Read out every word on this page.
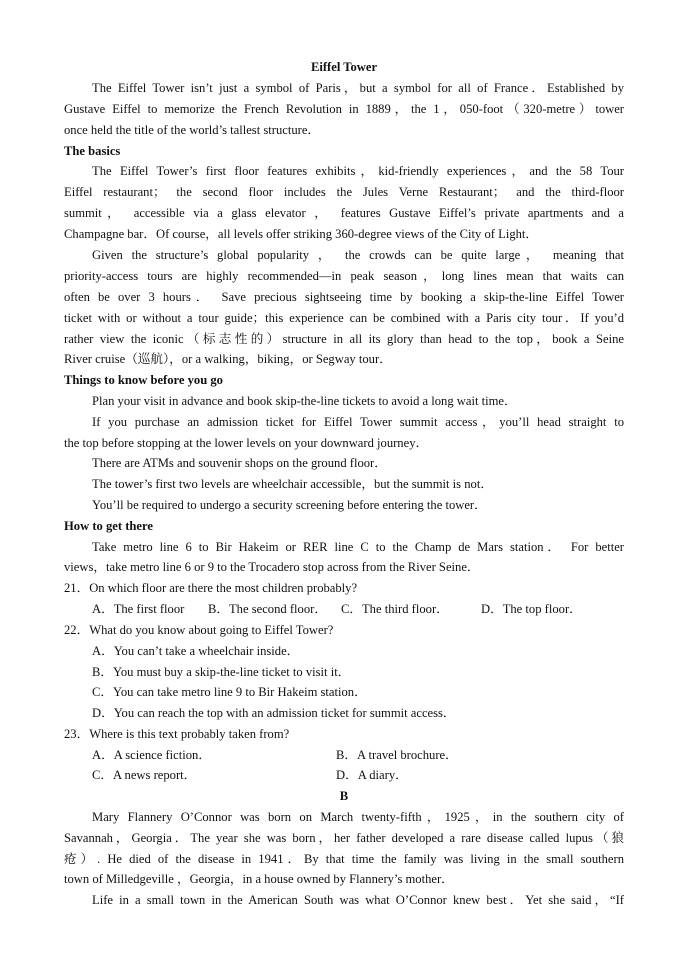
Eiffel Tower
The Eiffel Tower isn’t just a symbol of Paris，but a symbol for all of France．Established by
Gustave Eiffel to memorize the French Revolution in 1889，the 1，050-foot（320-metre）tower
once held the title of the world’s tallest structure．
The basics
The Eiffel Tower’s first floor features exhibits，kid-friendly experiences，and the 58 Tour
Eiffel restaurant； the second floor includes the Jules Verne Restaurant； and the third-floor
summit， accessible via a glass elevator ， features Gustave Eiffel’s private apartments and a
Champagne bar．Of course，all levels offer striking 360-degree views of the City of Light．
Given the structure’s global popularity ， the crowds can be quite large， meaning that
priority-access tours are highly recommended—in peak season，long lines mean that waits can
often be over 3 hours． Save precious sightseeing time by booking a skip-the-line Eiffel Tower
ticket with or without a tour guide；this experience can be combined with a Paris city tour．If you’d
rather view the iconic（标志性的）structure in all its glory than head to the top，book a Seine
River cruise（巡航），or a walking，biking，or Segway tour．
Things to know before you go
Plan your visit in advance and book skip-the-line tickets to avoid a long wait time．
If you purchase an admission ticket for Eiffel Tower summit access，you’ll head straight to
the top before stopping at the lower levels on your downward journey．
There are ATMs and souvenir shops on the ground floor．
The tower’s first two levels are wheelchair accessible，but the summit is not．
You’ll be required to undergo a security screening before entering the tower．
How to get there
Take metro line 6 to Bir Hakeim or RER line C to the Champ de Mars station． For better
views，take metro line 6 or 9 to the Trocadero stop across from the River Seine．
21．On which floor are there the most children probably?
A．The first floor B．The second floor． C．The third floor．	D．The top floor．
22．What do you know about going to Eiffel Tower?
A．You can’t take a wheelchair inside．
B．You must buy a skip-the-line ticket to visit it．
C．You can take metro line 9 to Bir Hakeim station．
D．You can reach the top with an admission ticket for summit access．
23．Where is this text probably taken from?
A．A science fiction．	B．A travel brochure．
C．A news report．	D．A diary．
B
Mary Flannery O’Connor was born on March twenty-fifth，1925，in the southern city of
Savannah，Georgia．The year she was born，her father developed a rare disease called lupus（狼
疮）. He died of the disease in 1941．By that time the family was living in the small southern
town of Milledgeville ，Georgia，in a house owned by Flannery’s mother．
Life in a small town in the American South was what O’Connor knew best．Yet she said，“If
